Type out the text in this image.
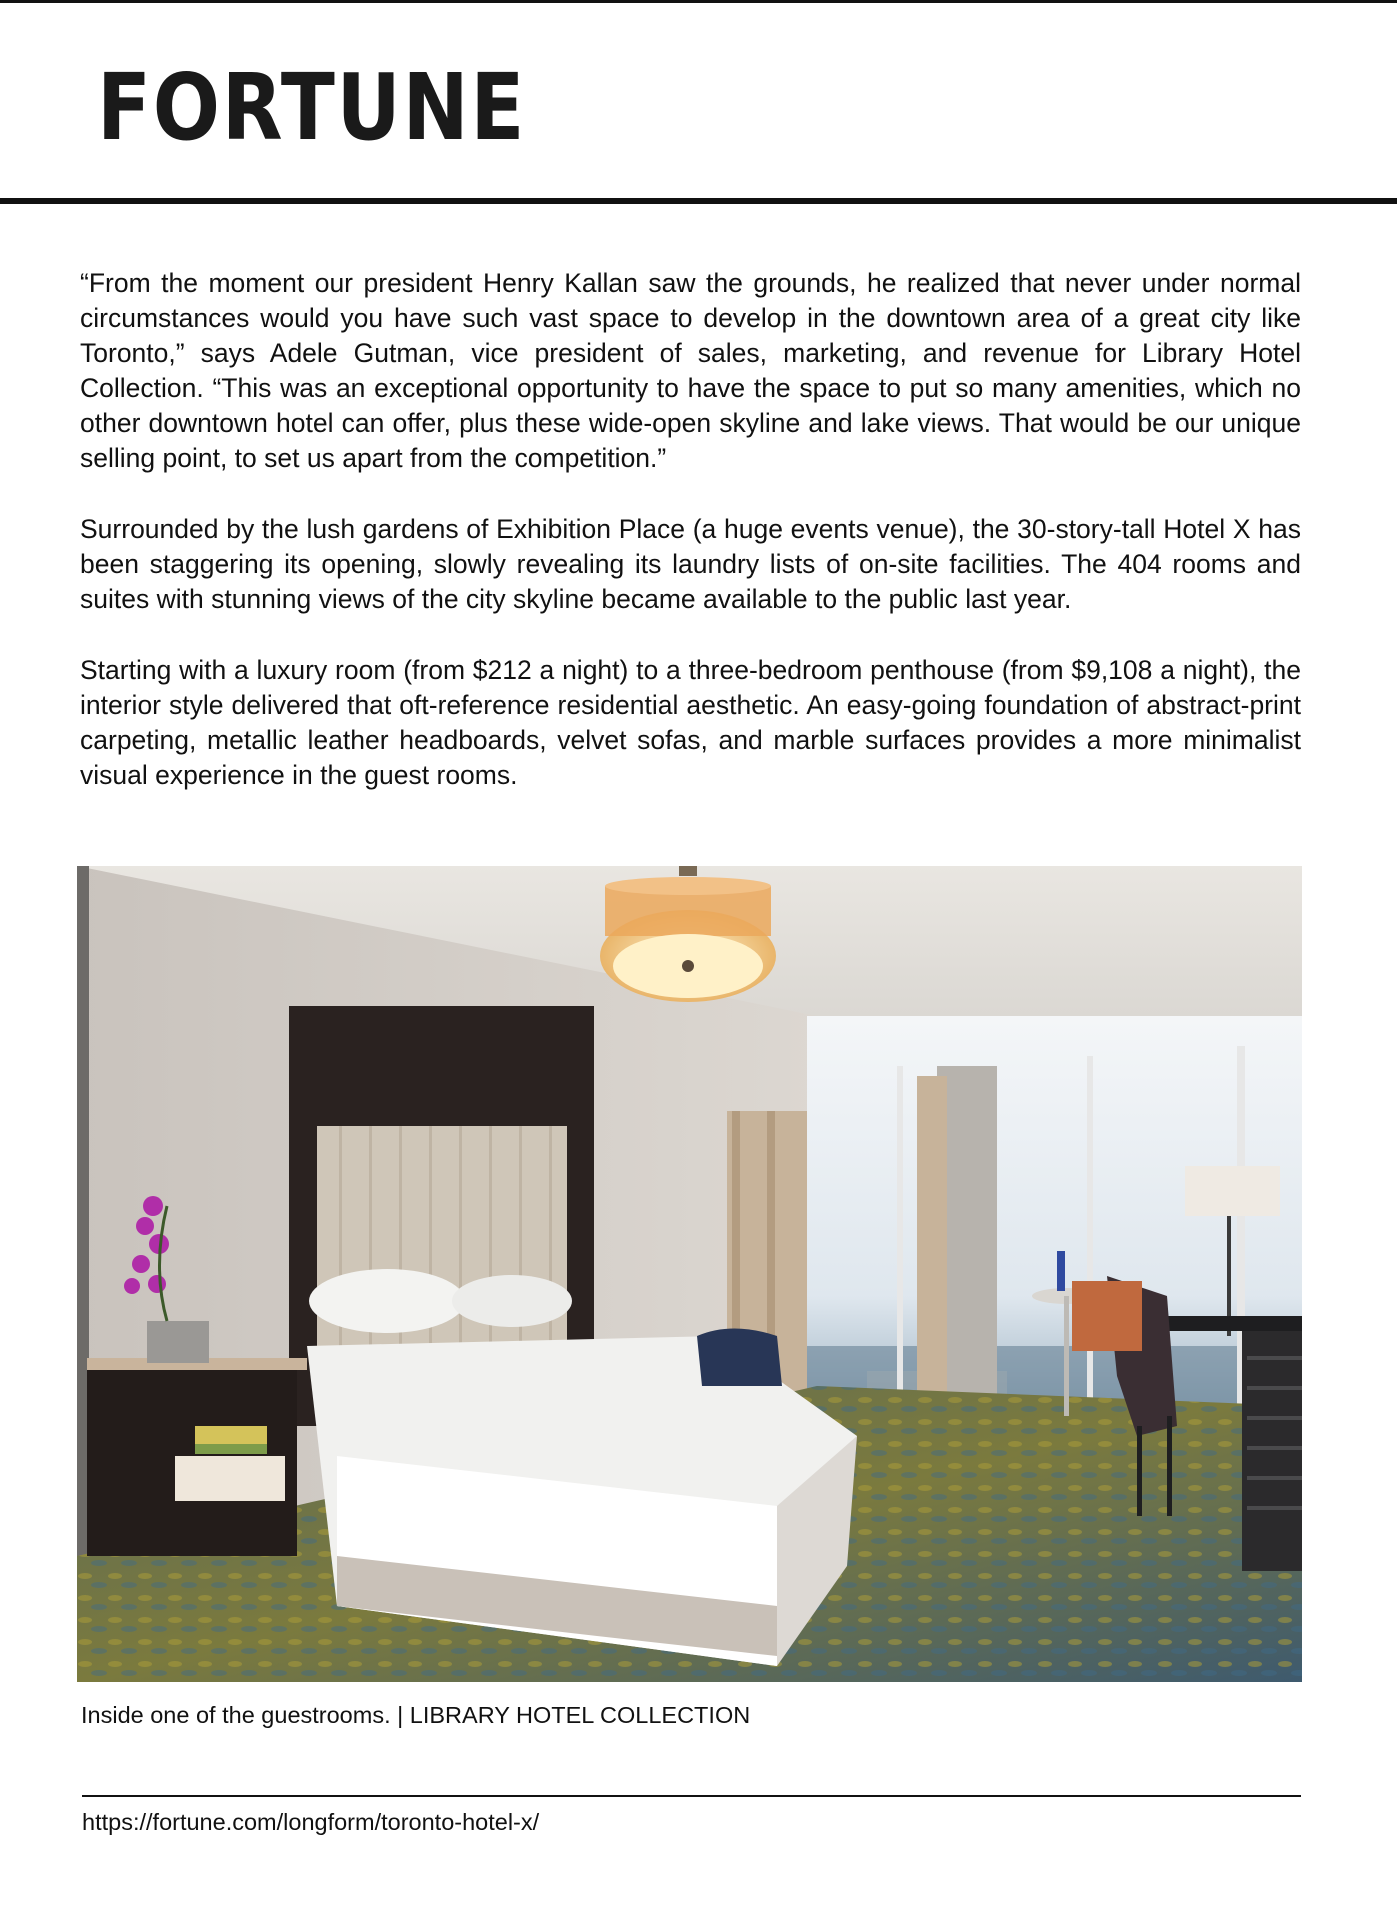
FORTUNE

“From the moment our president Henry Kallan saw the grounds, he realized that never under normal circumstances would you have such vast space to develop in the downtown area of a great city like Toronto,” says Adele Gutman, vice president of sales, marketing, and revenue for Library Hotel Collection. “This was an exceptional opportunity to have the space to put so many amenities, which no other downtown hotel can offer, plus these wide-open skyline and lake views. That would be our unique selling point, to set us apart from the competition.”

Surrounded by the lush gardens of Exhibition Place (a huge events venue), the 30-story-tall Hotel X has been staggering its opening, slowly revealing its laundry lists of on-site facilities. The 404 rooms and suites with stunning views of the city skyline became available to the public last year.

Starting with a luxury room (from $212 a night) to a three-bedroom penthouse (from $9,108 a night), the interior style delivered that oft-reference residential aesthetic. An easy-going foundation of abstract-print carpeting, metallic leather headboards, velvet sofas, and marble surfaces provides a more minimalist visual experience in the guest rooms.

Inside one of the guestrooms. | LIBRARY HOTEL COLLECTION

https://fortune.com/longform/toronto-hotel-x/
